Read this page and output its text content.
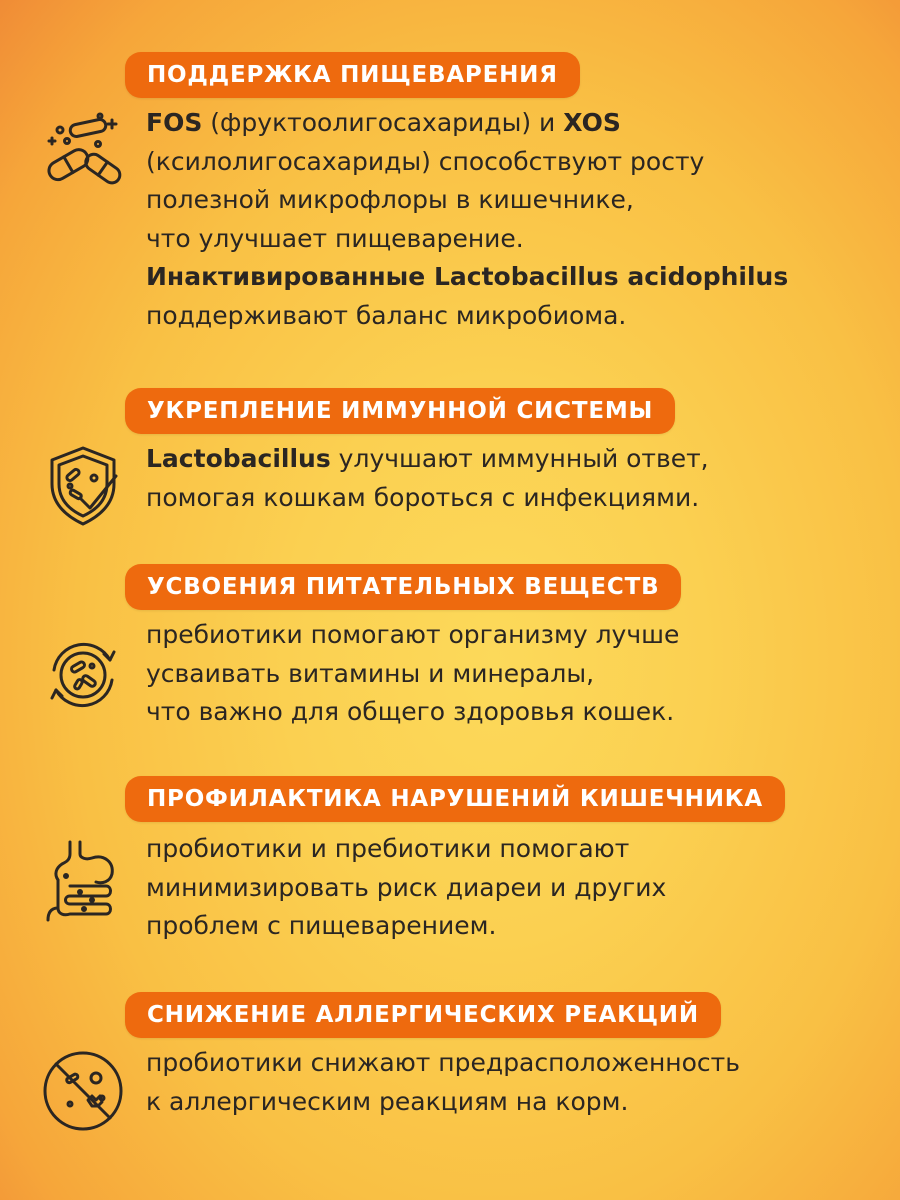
ПОДДЕРЖКА ПИЩЕВАРЕНИЯ
FOS (фруктоолигосахариды) и XOS
(ксилолигосахариды) способствуют росту
полезной микрофлоры в кишечнике,
что улучшает пищеварение.
Инактивированные Lactobacillus acidophilus
поддерживают баланс микробиома.
УКРЕПЛЕНИЕ ИММУННОЙ СИСТЕМЫ
Lactobacillus улучшают иммунный ответ,
помогая кошкам бороться с инфекциями.
УСВОЕНИЯ ПИТАТЕЛЬНЫХ ВЕЩЕСТВ
пребиотики помогают организму лучше
усваивать витамины и минералы,
что важно для общего здоровья кошек.
ПРОФИЛАКТИКА НАРУШЕНИЙ КИШЕЧНИКА
пробиотики и пребиотики помогают
минимизировать риск диареи и других
проблем с пищеварением.
СНИЖЕНИЕ АЛЛЕРГИЧЕСКИХ РЕАКЦИЙ
пробиотики снижают предрасположенность
к аллергическим реакциям на корм.
